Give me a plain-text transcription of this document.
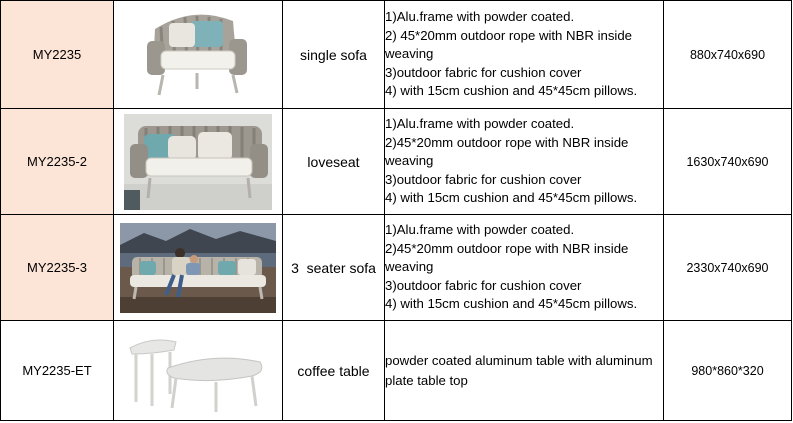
MY2235		single sofa	1)Alu.frame with powder coated.
2) 45*20mm outdoor rope with NBR inside
weaving
3)outdoor fabric for cushion cover
4) with 15cm cushion and 45*45cm pillows.	880x740x690
MY2235-2		loveseat	1)Alu.frame with powder coated.
2)45*20mm outdoor rope with NBR inside
weaving
3)outdoor fabric for cushion cover
4) with 15cm cushion and 45*45cm pillows.	1630x740x690
MY2235-3		3  seater sofa	1)Alu.frame with powder coated.
2)45*20mm outdoor rope with NBR inside
weaving
3)outdoor fabric for cushion cover
4) with 15cm cushion and 45*45cm pillows.	2330x740x690
MY2235-ET		coffee table	powder coated aluminum table with aluminum
plate table top	980*860*320
